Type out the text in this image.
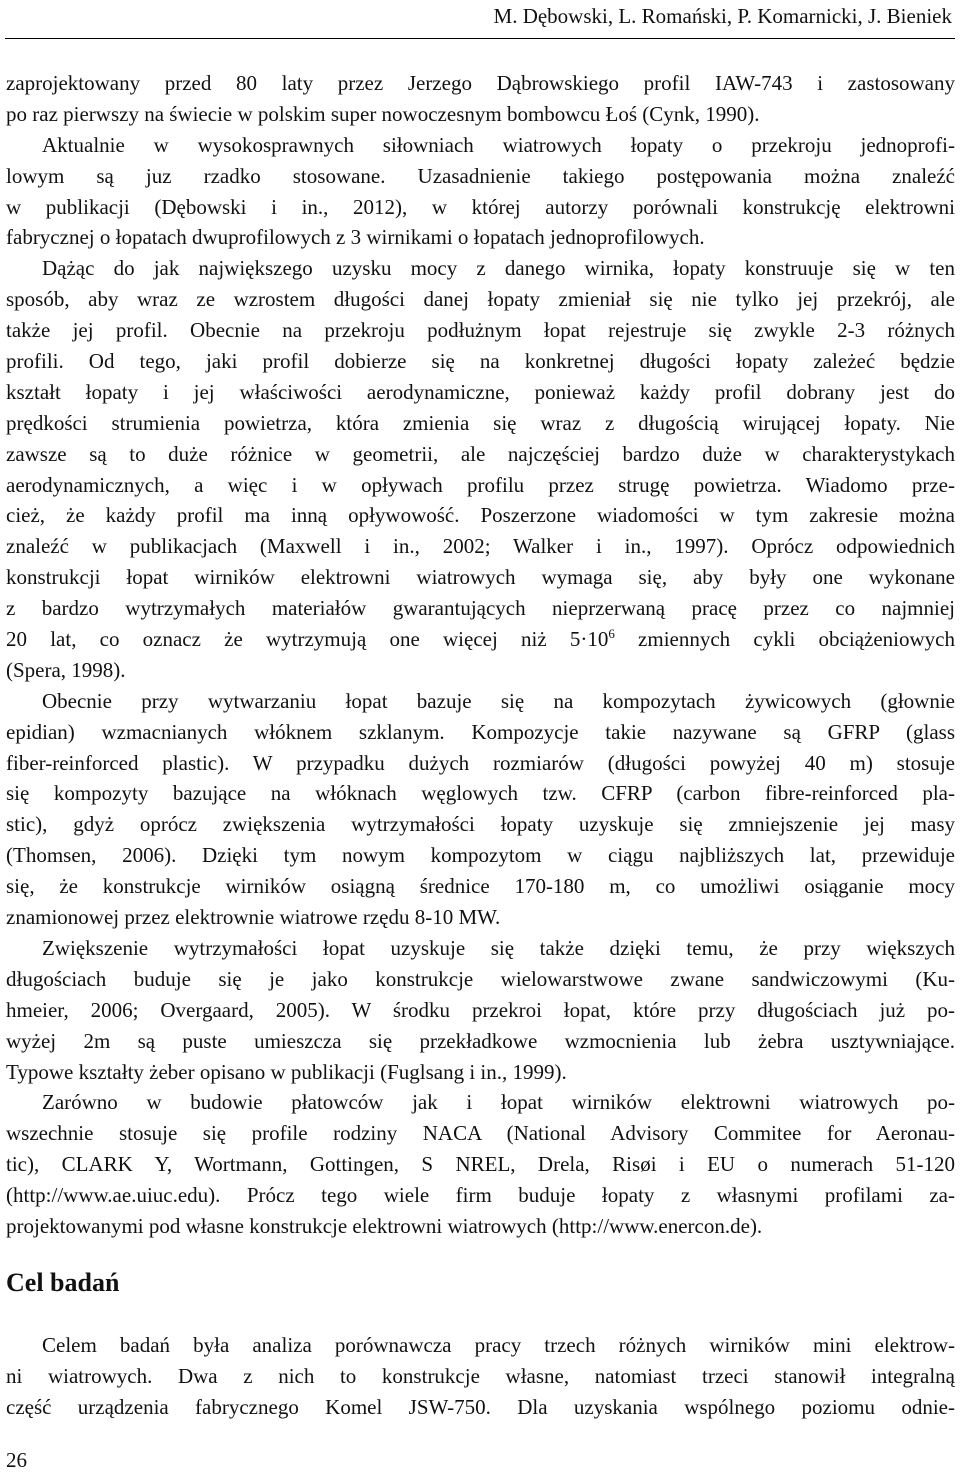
M. Dębowski, L. Romański, P. Komarnicki, J. Bieniek
zaprojektowany przed 80 laty przez Jerzego Dąbrowskiego profil IAW-743 i zastosowany
po raz pierwszy na świecie w polskim super nowoczesnym bombowcu Łoś (Cynk, 1990).
Aktualnie w wysokosprawnych siłowniach wiatrowych łopaty o przekroju jednoprofi-
lowym są juz rzadko stosowane. Uzasadnienie takiego postępowania można znaleźć
w publikacji (Dębowski i in., 2012), w której autorzy porównali konstrukcję elektrowni
fabrycznej o łopatach dwuprofilowych z 3 wirnikami o łopatach jednoprofilowych.
Dążąc do jak największego uzysku mocy z danego wirnika, łopaty konstruuje się w ten
sposób, aby wraz ze wzrostem długości danej łopaty zmieniał się nie tylko jej przekrój, ale
także jej profil. Obecnie na przekroju podłużnym łopat rejestruje się zwykle 2-3 różnych
profili. Od tego, jaki profil dobierze się na konkretnej długości łopaty zależeć będzie
kształt łopaty i jej właściwości aerodynamiczne, ponieważ każdy profil dobrany jest do
prędkości strumienia powietrza, która zmienia się wraz z długością wirującej łopaty. Nie
zawsze są to duże różnice w geometrii, ale najczęściej bardzo duże w charakterystykach
aerodynamicznych, a więc i w opływach profilu przez strugę powietrza. Wiadomo prze-
cież, że każdy profil ma inną opływowość. Poszerzone wiadomości w tym zakresie można
znaleźć w publikacjach (Maxwell i in., 2002; Walker i in., 1997). Oprócz odpowiednich
konstrukcji łopat wirników elektrowni wiatrowych wymaga się, aby były one wykonane
z bardzo wytrzymałych materiałów gwarantujących nieprzerwaną pracę przez co najmniej
20 lat, co oznacz że wytrzymują one więcej niż $5\cdot 10^6$ zmiennych cykli obciążeniowych
(Spera, 1998).
Obecnie przy wytwarzaniu łopat bazuje się na kompozytach żywicowych (głownie
epidian) wzmacnianych włóknem szklanym. Kompozycje takie nazywane są GFRP (glass
fiber-reinforced plastic). W przypadku dużych rozmiarów (długości powyżej 40 m) stosuje
się kompozyty bazujące na włóknach węglowych tzw. CFRP (carbon fibre-reinforced pla-
stic), gdyż oprócz zwiększenia wytrzymałości łopaty uzyskuje się zmniejszenie jej masy
(Thomsen, 2006). Dzięki tym nowym kompozytom w ciągu najbliższych lat, przewiduje
się, że konstrukcje wirników osiągną średnice 170-180 m, co umożliwi osiąganie mocy
znamionowej przez elektrownie wiatrowe rzędu 8-10 MW.
Zwiększenie wytrzymałości łopat uzyskuje się także dzięki temu, że przy większych
długościach buduje się je jako konstrukcje wielowarstwowe zwane sandwiczowymi (Ku-
hmeier, 2006; Overgaard, 2005). W środku przekroi łopat, które przy długościach już po-
wyżej 2m są puste umieszcza się przekładkowe wzmocnienia lub żebra usztywniające.
Typowe kształty żeber opisano w publikacji (Fuglsang i in., 1999).
Zarówno w budowie płatowców jak i łopat wirników elektrowni wiatrowych po-
wszechnie stosuje się profile rodziny NACA (National Advisory Commitee for Aeronau-
tic), CLARK Y, Wortmann, Gottingen, S NREL, Drela, Risøi i EU o numerach 51-120
(http://www.ae.uiuc.edu). Prócz tego wiele firm buduje łopaty z własnymi profilami za-
projektowanymi pod własne konstrukcje elektrowni wiatrowych (http://www.enercon.de).
Cel badań
Celem badań była analiza porównawcza pracy trzech różnych wirników mini elektrow-
ni wiatrowych. Dwa z nich to konstrukcje własne, natomiast trzeci stanowił integralną
część urządzenia fabrycznego Komel JSW-750. Dla uzyskania wspólnego poziomu odnie-
26
